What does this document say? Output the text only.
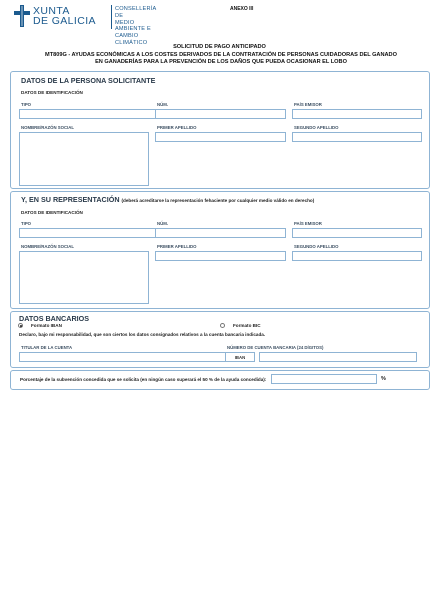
XUNTA
DE GALICIA
CONSELLERÍA DE
MEDIO AMBIENTE E
CAMBIO CLIMÁTICO
ANEXO III
SOLICITUD DE PAGO ANTICIPADO
MT809G - AYUDAS ECONÓMICAS A LOS COSTES DERIVADOS DE LA CONTRATACIÓN DE PERSONAS CUIDADORAS DEL GANADO
EN GANADERÍAS PARA LA PREVENCIÓN DE LOS DAÑOS QUE PUEDA OCASIONAR EL LOBO
DATOS DE LA PERSONA SOLICITANTE
DATOS DE IDENTIFICACIÓN
TIPO	NÚM.	PAÍS EMISOR
NOMBRE/RAZÓN SOCIAL	PRIMER APELLIDO	SEGUNDO APELLIDO
Y, EN SU REPRESENTACIÓN (deberá acreditarse la representación fehaciente por cualquier medio válido en derecho)
DATOS DE IDENTIFICACIÓN
TIPO	NÚM.	PAÍS EMISOR
NOMBRE/RAZÓN SOCIAL	PRIMER APELLIDO	SEGUNDO APELLIDO
DATOS BANCARIOS
Formato IBAN	Formato BIC
Declaro, bajo mi responsabilidad, que son ciertos los datos consignados relativos a la cuenta bancaria indicada.
TITULAR DE LA CUENTA	NÚMERO DE CUENTA BANCARIA (24 DÍGITOS)
IBAN
Porcentaje de la subvención concedida que se solicita (en ningún caso superará el 50 % de la ayuda concedida):	%
